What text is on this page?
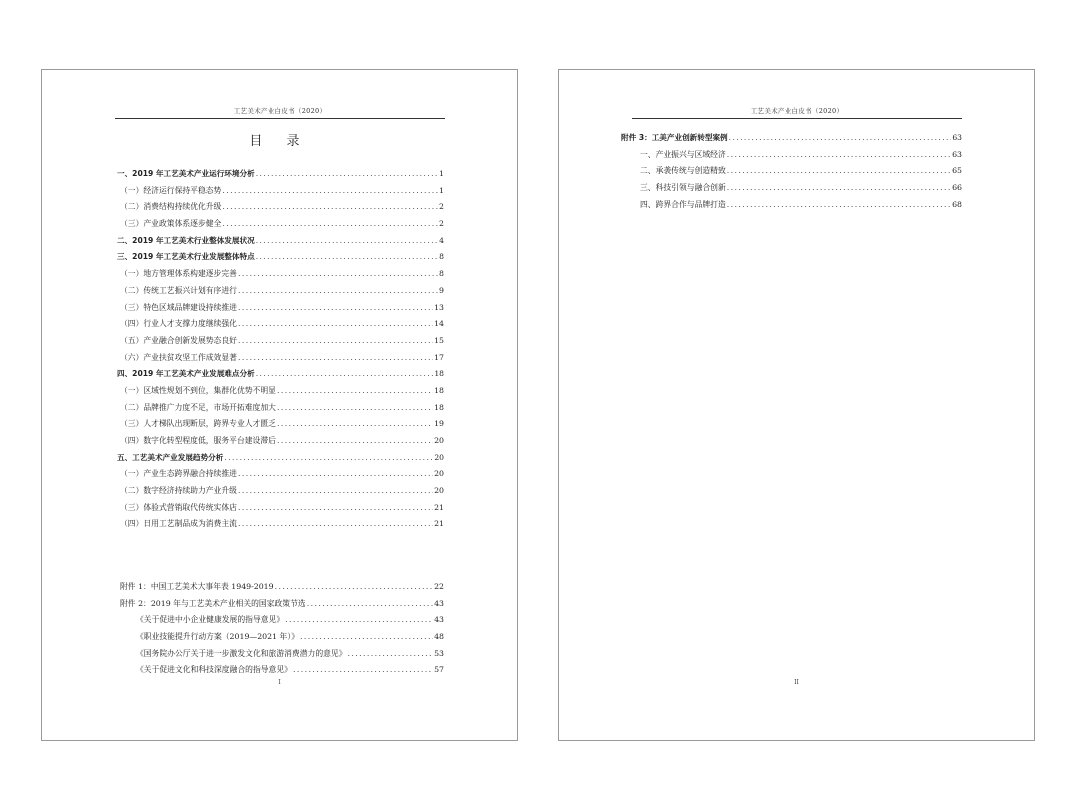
工艺美术产业白皮书（2020）
目 录
一、2019 年工艺美术产业运行环境分析 .....	1
（一）经济运行保持平稳态势 .....	1
（二）消费结构持续优化升级 .....	2
（三）产业政策体系逐步健全 .....	2
二、2019 年工艺美术行业整体发展状况 .....	4
三、2019 年工艺美术行业发展整体特点 .....	8
（一）地方管理体系构建逐步完善 .....	8
（二）传统工艺振兴计划有序进行 .....	9
（三）特色区域品牌建设持续推进 .....	13
（四）行业人才支撑力度继续强化 .....	14
（五）产业融合创新发展势态良好 .....	15
（六）产业扶贫攻坚工作成效显著 .....	17
四、2019 年工艺美术产业发展难点分析 .....	18
（一）区域性规划不到位，集群化优势不明显 .....	18
（二）品牌推广力度不足，市场开拓难度加大 .....	18
（三）人才梯队出现断层，跨界专业人才匮乏 .....	19
（四）数字化转型程度低，服务平台建设滞后 .....	20
五、工艺美术产业发展趋势分析 .....	20
（一）产业生态跨界融合持续推进 .....	20
（二）数字经济持续助力产业升级 .....	20
（三）体验式营销取代传统实体店 .....	21
（四）日用工艺制品成为消费主流 .....	21
附件 1：中国工艺美术大事年表 1949-2019 .....	22
附件 2：2019 年与工艺美术产业相关的国家政策节选 .....	43
《关于促进中小企业健康发展的指导意见》 .....	43
《职业技能提升行动方案（2019—2021 年）》 .....	48
《国务院办公厅关于进一步激发文化和旅游消费潜力的意见》 .....	53
《关于促进文化和科技深度融合的指导意见》 .....	57
I
工艺美术产业白皮书（2020）
附件 3：工美产业创新转型案例 .....	63
一、产业振兴与区域经济 .....	63
二、承袭传统与创造精致 .....	65
三、科技引领与融合创新 .....	66
四、跨界合作与品牌打造 .....	68
II
